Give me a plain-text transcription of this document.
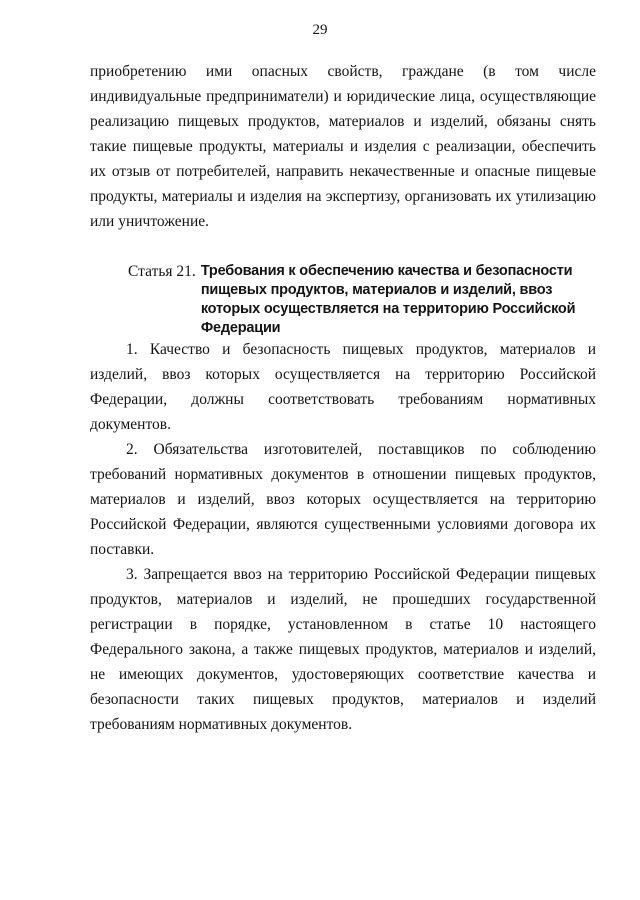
29

приобретению ими опасных свойств, граждане (в том числе индивидуальные предприниматели) и юридические лица, осуществляющие реализацию пищевых продуктов, материалов и изделий, обязаны снять такие пищевые продукты, материалы и изделия с реализации, обеспечить их отзыв от потребителей, направить некачественные и опасные пищевые продукты, материалы и изделия на экспертизу, организовать их утилизацию или уничтожение.

Статья 21. Требования к обеспечению качества и безопасности пищевых продуктов, материалов и изделий, ввоз которых осуществляется на территорию Российской Федерации

1. Качество и безопасность пищевых продуктов, материалов и изделий, ввоз которых осуществляется на территорию Российской Федерации, должны соответствовать требованиям нормативных документов.

2. Обязательства изготовителей, поставщиков по соблюдению требований нормативных документов в отношении пищевых продуктов, материалов и изделий, ввоз которых осуществляется на территорию Российской Федерации, являются существенными условиями договора их поставки.

3. Запрещается ввоз на территорию Российской Федерации пищевых продуктов, материалов и изделий, не прошедших государственной регистрации в порядке, установленном в статье 10 настоящего Федерального закона, а также пищевых продуктов, материалов и изделий, не имеющих документов, удостоверяющих соответствие качества и безопасности таких пищевых продуктов, материалов и изделий требованиям нормативных документов.
